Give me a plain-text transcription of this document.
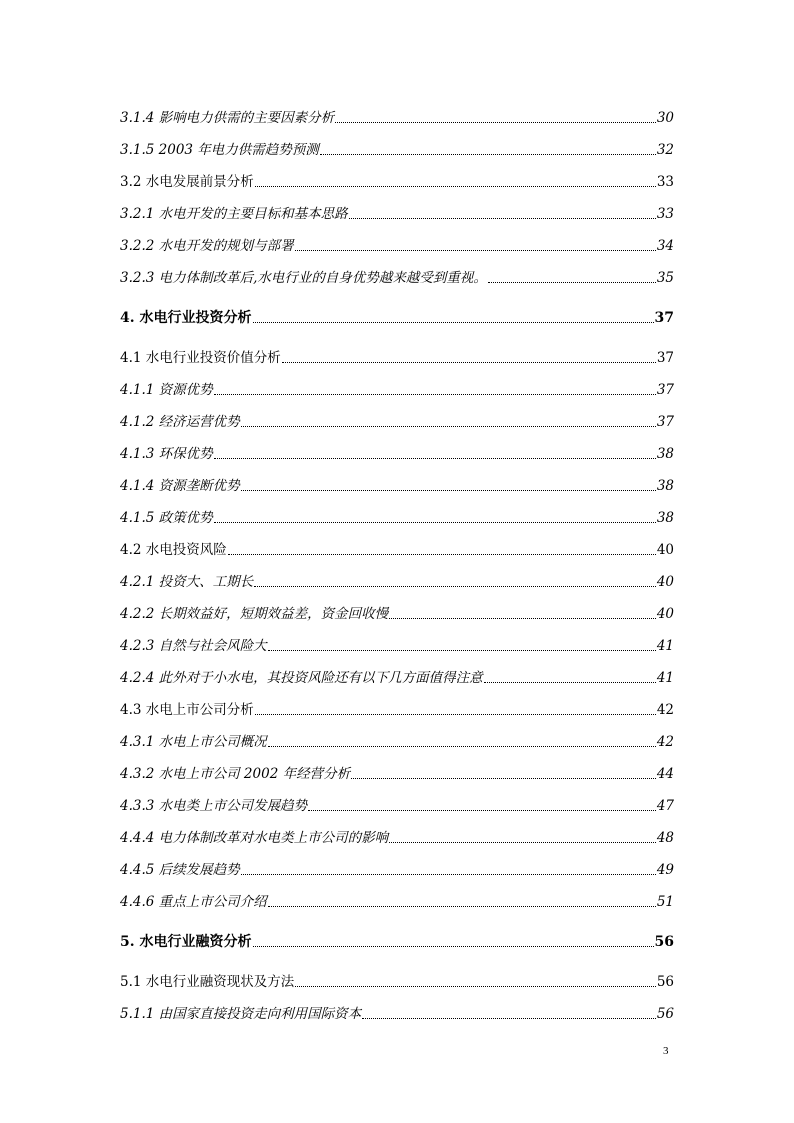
3.1.4 影响电力供需的主要因素分析	30
3.1.5 2003 年电力供需趋势预测	32
3.2 水电发展前景分析	33
3.2.1 水电开发的主要目标和基本思路	33
3.2.2 水电开发的规划与部署	34
3.2.3 电力体制改革后,水电行业的自身优势越来越受到重视。	35
4. 水电行业投资分析	37
4.1 水电行业投资价值分析	37
4.1.1 资源优势	37
4.1.2 经济运营优势	37
4.1.3 环保优势	38
4.1.4 资源垄断优势	38
4.1.5 政策优势	38
4.2 水电投资风险	40
4.2.1 投资大、工期长	40
4.2.2 长期效益好，短期效益差，资金回收慢	40
4.2.3 自然与社会风险大	41
4.2.4 此外对于小水电，其投资风险还有以下几方面值得注意	41
4.3 水电上市公司分析	42
4.3.1 水电上市公司概况	42
4.3.2 水电上市公司 2002 年经营分析	44
4.3.3 水电类上市公司发展趋势	47
4.4.4 电力体制改革对水电类上市公司的影响	48
4.4.5 后续发展趋势	49
4.4.6 重点上市公司介绍	51
5. 水电行业融资分析	56
5.1 水电行业融资现状及方法	56
5.1.1 由国家直接投资走向利用国际资本	56
3
